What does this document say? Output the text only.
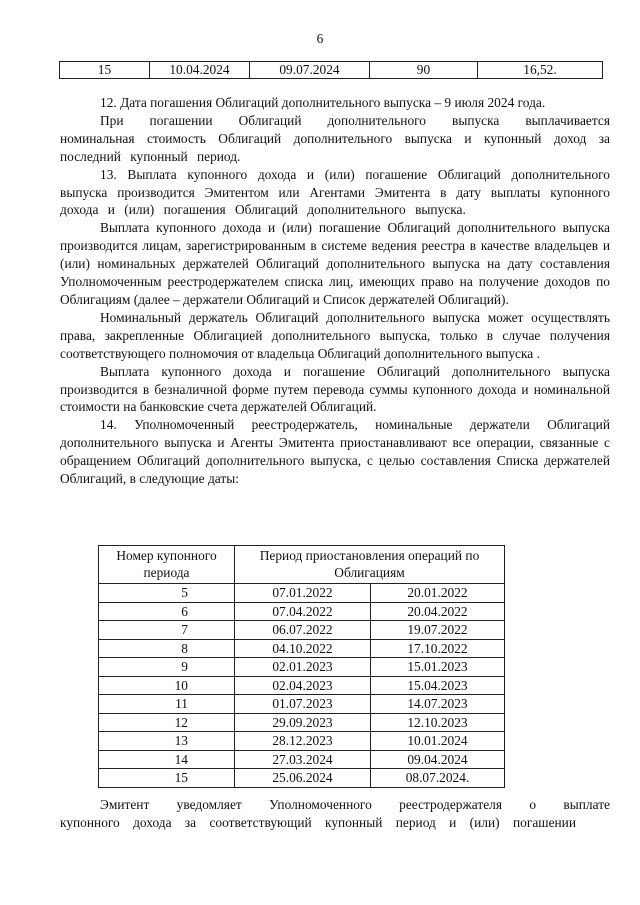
6
15	10.04.2024	09.07.2024	90	16,52.

12. Дата погашения Облигаций дополнительного выпуска – 9 июля 2024 года.

При погашении Облигаций дополнительного выпуска выплачивается номинальная стоимость Облигаций дополнительного выпуска и купонный доход за последний купонный период.

13. Выплата купонного дохода и (или) погашение Облигаций дополнительного выпуска производится Эмитентом или Агентами Эмитента в дату выплаты купонного дохода и (или) погашения Облигаций дополнительного выпуска.

Выплата купонного дохода и (или) погашение Облигаций дополнительного выпуска производится лицам, зарегистрированным в системе ведения реестра в качестве владельцев и (или) номинальных держателей Облигаций дополнительного выпуска на дату составления Уполномоченным реестродержателем списка лиц, имеющих право на получение доходов по Облигациям (далее – держатели Облигаций и Список держателей Облигаций).

Номинальный держатель Облигаций дополнительного выпуска может осуществлять права, закрепленные Облигацией дополнительного выпуска, только в случае получения соответствующего полномочия от владельца Облигаций дополнительного выпуска .

Выплата купонного дохода и погашение Облигаций дополнительного выпуска производится в безналичной форме путем перевода суммы купонного дохода и номинальной стоимости на банковские счета держателей Облигаций.

14. Уполномоченный реестродержатель, номинальные держатели Облигаций дополнительного выпуска и Агенты Эмитента приостанавливают все операции, связанные с обращением Облигаций дополнительного выпуска, с целью составления Списка держателей Облигаций, в следующие даты:

Номер купонного периода	Период приостановления операций по Облигациям	
5	07.01.2022	20.01.2022
6	07.04.2022	20.04.2022
7	06.07.2022	19.07.2022
8	04.10.2022	17.10.2022
9	02.01.2023	15.01.2023
10	02.04.2023	15.04.2023
11	01.07.2023	14.07.2023
12	29.09.2023	12.10.2023
13	28.12.2023	10.01.2024
14	27.03.2024	09.04.2024
15	25.06.2024	08.07.2024.

Эмитент уведомляет Уполномоченного реестродержателя о выплате купонного дохода за соответствующий купонный период и (или) погашении
